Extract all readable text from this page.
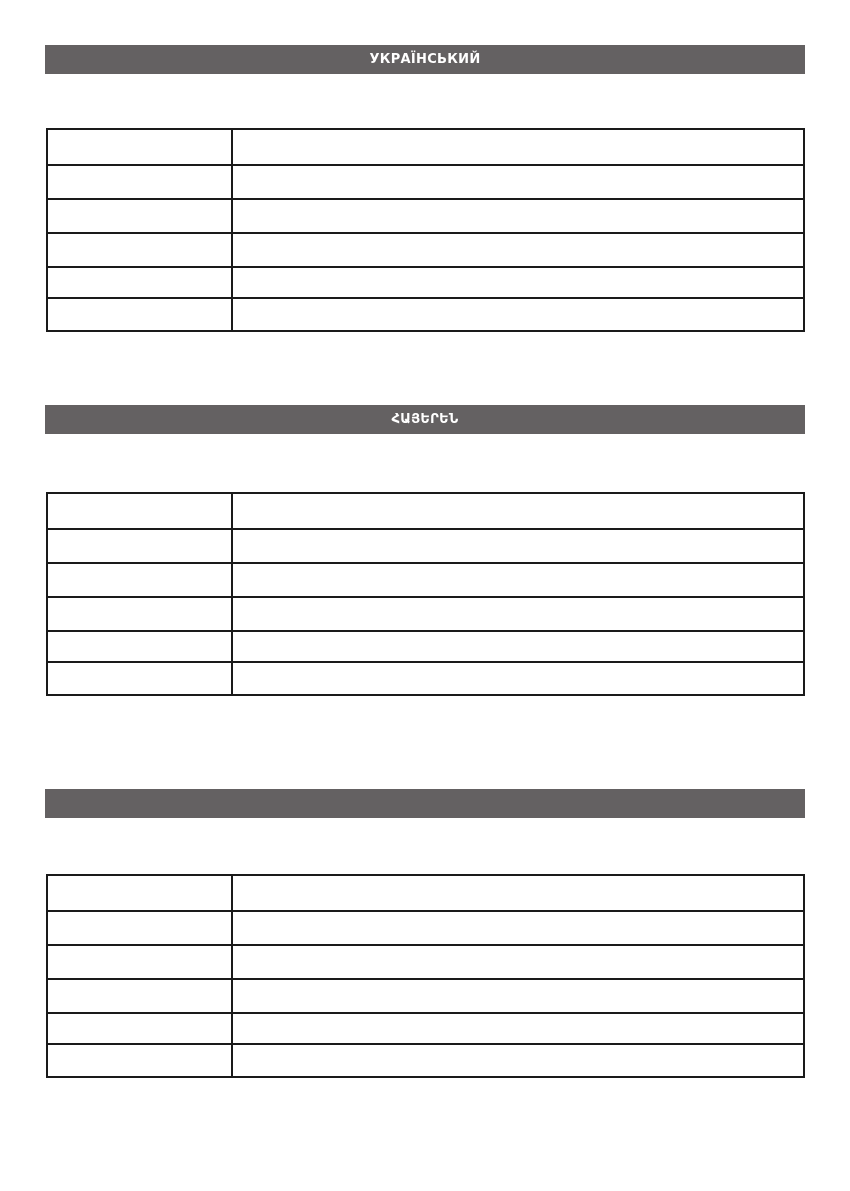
УКРАЇНСЬКИЙ

ՀԱՅԵՐԵՆ
